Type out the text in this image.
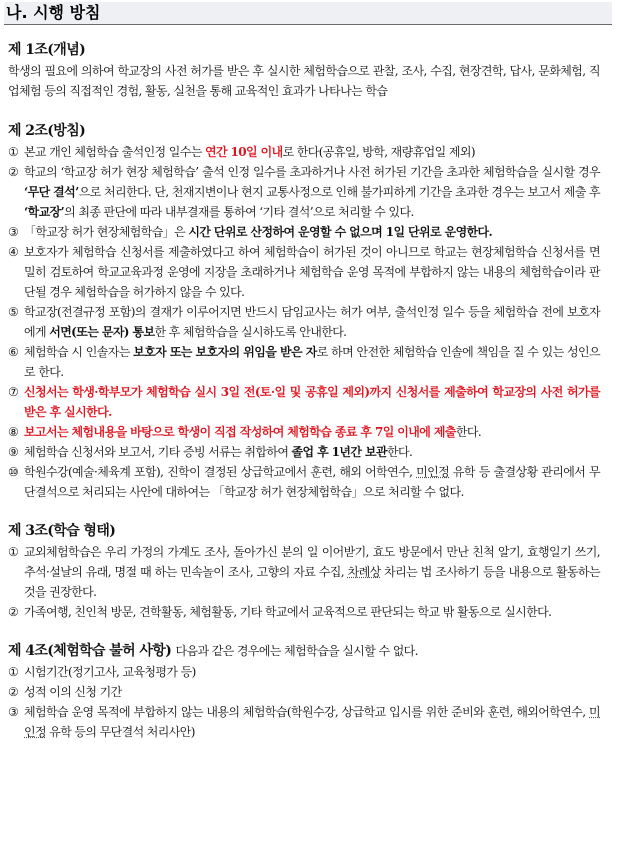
나. 시행 방침
제 1조(개념)

학생의 필요에 의하여 학교장의 사전 허가를 받은 후 실시한 체험학습으로 관찰, 조사, 수집, 현장견학, 답사, 문화체험, 직업체험 등의 직접적인 경험, 활동, 실천을 통해 교육적인 효과가 나타나는 학습

제 2조(방침)
① 본교 개인 체험학습 출석인정 일수는 연간 10일 이내로 한다(공휴일, 방학, 재량휴업일 제외)
② 학교의 ‘학교장 허가 현장 체험학습’ 출석 인정 일수를 초과하거나 사전 허가된 기간을 초과한 체험학습을 실시할 경우 ‘무단 결석’으로 처리한다. 단, 천재지변이나 현지 교통사정으로 인해 불가피하게 기간을 초과한 경우는 보고서 제출 후 ‘학교장’의 최종 판단에 따라 내부결재를 통하여 ‘기타 결석’으로 처리할 수 있다.
③ 「학교장 허가 현장체험학습」은 시간 단위로 산정하여 운영할 수 없으며 1일 단위로 운영한다.
④ 보호자가 체험학습 신청서를 제출하였다고 하여 체험학습이 허가된 것이 아니므로 학교는 현장체험학습 신청서를 면밀히 검토하여 학교교육과정 운영에 지장을 초래하거나 체험학습 운영 목적에 부합하지 않는 내용의 체험학습이라 판단될 경우 체험학습을 허가하지 않을 수 있다.
⑤ 학교장(전결규정 포함)의 결재가 이루어지면 반드시 담임교사는 허가 여부, 출석인정 일수 등을 체험학습 전에 보호자에게 서면(또는 문자) 통보한 후 체험학습을 실시하도록 안내한다.
⑥ 체험학습 시 인솔자는 보호자 또는 보호자의 위임을 받은 자로 하며 안전한 체험학습 인솔에 책임을 질 수 있는 성인으로 한다.
⑦ 신청서는 학생·학부모가 체험학습 실시 3일 전(토·일 및 공휴일 제외)까지 신청서를 제출하여 학교장의 사전 허가를 받은 후 실시한다.
⑧ 보고서는 체험내용을 바탕으로 학생이 직접 작성하여 체험학습 종료 후 7일 이내에 제출한다.
⑨ 체험학습 신청서와 보고서, 기타 증빙 서류는 취합하여 졸업 후 1년간 보관한다.
⑩ 학원수강(예술·체육계 포함), 진학이 결정된 상급학교에서 훈련, 해외 어학연수, 미인정 유학 등 출결상황 관리에서 무단결석으로 처리되는 사안에 대하여는 「학교장 허가 현장체험학습」으로 처리할 수 없다.
제 3조(학습 형태)
① 교외체험학습은 우리 가정의 가계도 조사, 돌아가신 분의 일 이어받기, 효도 방문에서 만난 친척 알기, 효행일기 쓰기, 추석·설날의 유래, 명절 때 하는 민속놀이 조사, 고향의 자료 수집, 차례상 차리는 법 조사하기 등을 내용으로 활동하는 것을 권장한다.
② 가족여행, 친인척 방문, 견학활동, 체험활동, 기타 학교에서 교육적으로 판단되는 학교 밖 활동으로 실시한다.
제 4조(체험학습 불허 사항) 다음과 같은 경우에는 체험학습을 실시할 수 없다.
① 시험기간(정기고사, 교육청평가 등)
② 성적 이의 신청 기간
③ 체험학습 운영 목적에 부합하지 않는 내용의 체험학습(학원수강, 상급학교 입시를 위한 준비와 훈련, 해외어학연수, 미인정 유학 등의 무단결석 처리사안)
